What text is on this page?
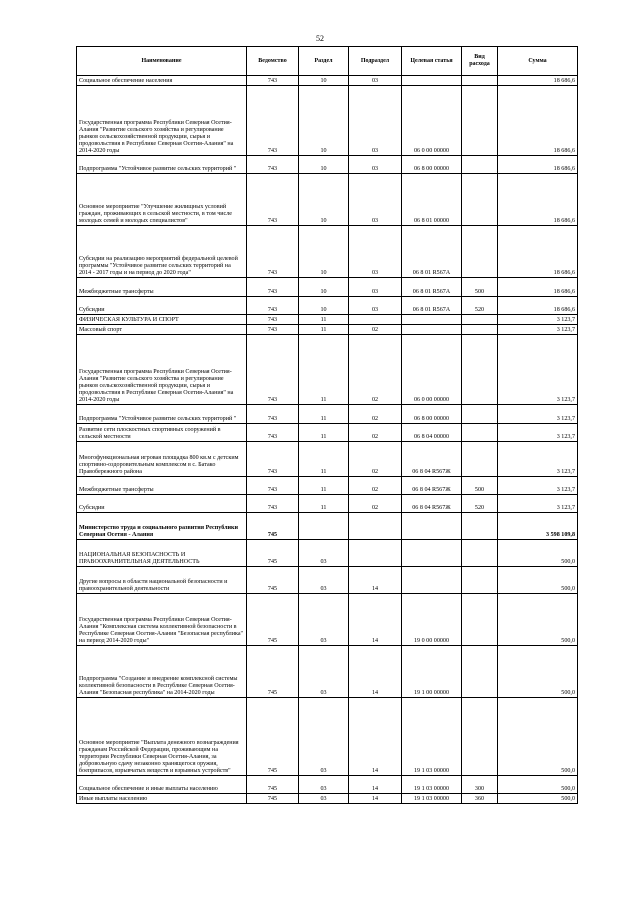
52
Наименование	Ведомство	Раздел	Подраздел	Целевая статья	Вид расхода	Сумма
Социальное обеспечение населения	743	10	03			18 686,6
Государственная программа Республики Северная Осетия-Алания "Развитие сельского хозяйства и регулирование рынков сельскохозяйственной продукции, сырья и продовольствия в Республике Северная Осетия-Алания" на 2014-2020 годы	743	10	03	06 0 00 00000		18 686,6
Подпрограмма "Устойчивое развитие сельских территорий "	743	10	03	06 8 00 00000		18 686,6
Основное мероприятие "Улучшение жилищных условий граждан, проживающих в сельской местности, в том числе молодых семей и молодых специалистов"	743	10	03	06 8 01 00000		18 686,6
Субсидии на реализацию мероприятий федеральной целевой программы "Устойчивое развитие сельских территорий на 2014 - 2017 годы и на период до 2020 года"	743	10	03	06 8 01 R567А		18 686,6
Межбюджетные трансферты	743	10	03	06 8 01 R567А	500	18 686,6
Субсидии	743	10	03	06 8 01 R567А	520	18 686,6
ФИЗИЧЕСКАЯ КУЛЬТУРА И СПОРТ	743	11				3 123,7
Массовый спорт	743	11	02			3 123,7
Государственная программа Республики Северная Осетия-Алания "Развитие сельского хозяйства и регулирование рынков сельскохозяйственной продукции, сырья и продовольствия в Республике Северная Осетия-Алания" на 2014-2020 годы	743	11	02	06 0 00 00000		3 123,7
Подпрограмма "Устойчивое развитие сельских территорий "	743	11	02	06 8 00 00000		3 123,7
Развитие сети плоскостных спортивных сооружений в сельской местности	743	11	02	06 8 04 00000		3 123,7
Многофункциональная игровая площадка 800 кв.м с детским спортивно-оздоровительным комплексом в с. Батако Правобережного района	743	11	02	06 8 04 R567Ж		3 123,7
Межбюджетные трансферты	743	11	02	06 8 04 R567Ж	500	3 123,7
Субсидии	743	11	02	06 8 04 R567Ж	520	3 123,7
Министерство труда и социального развития Республики Северная Осетия - Алания	745					3 598 109,8
НАЦИОНАЛЬНАЯ БЕЗОПАСНОСТЬ И ПРАВООХРАНИТЕЛЬНАЯ ДЕЯТЕЛЬНОСТЬ	745	03				500,0
Другие вопросы в области национальной безопасности и правоохранительной деятельности	745	03	14			500,0
Государственная программа Республики Северная Осетия-Алания "Комплексная система коллективной безопасности в Республике Северная Осетия-Алания "Безопасная республика" на период 2014-2020 годы"	745	03	14	19 0 00 00000		500,0
Подпрограмма "Создание и внедрение комплексной системы коллективной безопасности в Республике Северная Осетия-Алания "Безопасная республика" на 2014-2020 годы	745	03	14	19 1 00 00000		500,0
Основное мероприятие "Выплата денежного вознаграждения гражданам Российской Федерации, проживающим на территории Республики Северная Осетия-Алания, за добровольную сдачу незаконно хранящегося оружия, боеприпасов, взрывчатых веществ и взрывных устройств"	745	03	14	19 1 03 00000		500,0
Социальное обеспечение и иные выплаты населению	745	03	14	19 1 03 00000	300	500,0
Иные выплаты населению	745	03	14	19 1 03 00000	360	500,0
